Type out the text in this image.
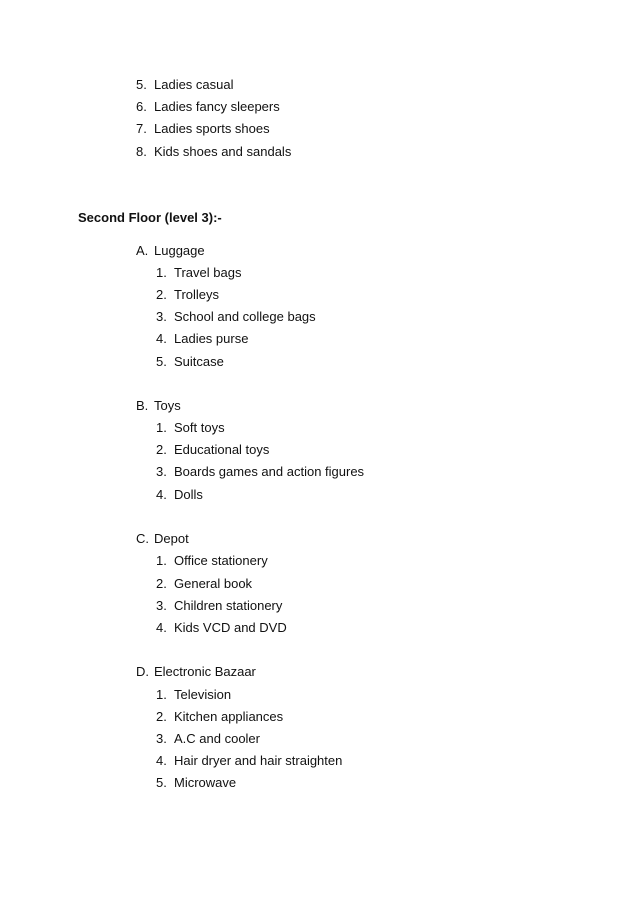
5. Ladies casual
6. Ladies fancy sleepers
7. Ladies sports shoes
8. Kids shoes and sandals
Second Floor (level 3):-
A. Luggage
1. Travel bags
2. Trolleys
3. School and college bags
4. Ladies purse
5. Suitcase
B. Toys
1. Soft toys
2. Educational toys
3. Boards games and action figures
4. Dolls
C. Depot
1. Office stationery
2. General book
3. Children stationery
4. Kids VCD and DVD
D. Electronic Bazaar
1. Television
2. Kitchen appliances
3. A.C and cooler
4. Hair dryer and hair straighten
5. Microwave
